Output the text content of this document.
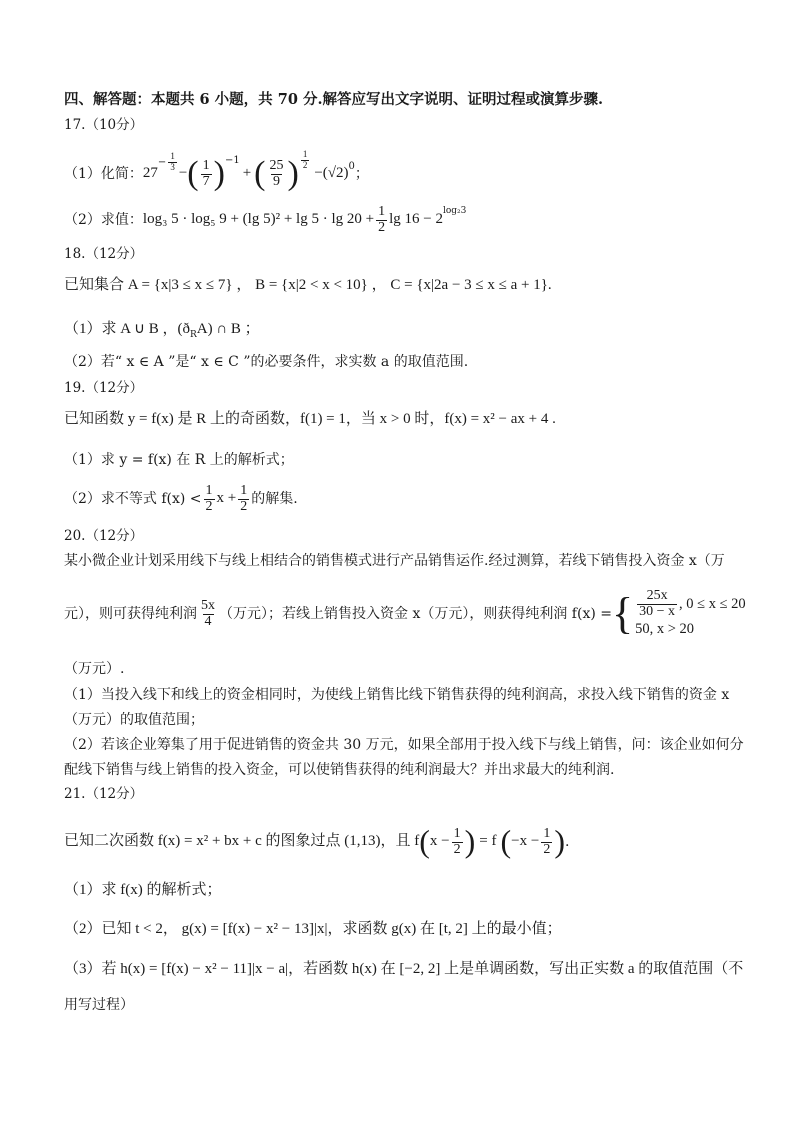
四、解答题：本题共 6 小题，共 70 分.解答应写出文字说明、证明过程或演算步骤.
17.（10分）
（1）化简： 27
− $\frac{1}{3}$
− ( $\frac{1}{7}$ ) −1
+ ( $\frac{25}{9}$ ) $\frac{1}{2}$
−(√2) 0 ；
（2）求值： log₃ 5 · log₅ 9 + (lg $5)^2 + \lg 5 \cdot \lg 20 + \frac{1}{2}$ lg 16 − 2
log₂3
18.（12分）
已知集合 A = {x|3 ≤ x ≤ 7} ， B = {x|2 < x < 10} ， C = {x|2a − 3 ≤ x ≤ a + 1}.
（1）求 A ∪ B ，$(ð_RA)$ ∩ B ；
（2）若“ x ∈ A ”是“ x ∈ C ”的必要条件，求实数 a 的取值范围.
19.（12分）
已知函数 y = f(x) 是 R 上的奇函数，f(1) = 1，当 x > 0 时，f(x) = x² − ax + 4 .
（1）求 y = f(x) 在 R 上的解析式；
（2）求不等式 $f(x) < \frac{1}{2}$ $x + \frac{1}{2}$ 的解集.
20.（12分）
某小微企业计划采用线下与线上相结合的销售模式进行产品销售运作.经过测算，若线下销售投入资金 x（万
元），则可获得纯利润 $\frac{5x}{4}$ （万元）；若线上销售投入资金 x（万元），则获得纯利润 f(x) = { $\frac{25x}{30 - x}$ , 0 ≤ x ≤ 20
50, x > 20
（万元）.
（1）当投入线下和线上的资金相同时，为使线上销售比线下销售获得的纯利润高，求投入线下销售的资金 x
（万元）的取值范围；
（2）若该企业筹集了用于促进销售的资金共 30 万元，如果全部用于投入线下与线上销售，问：该企业如何分
配线下销售与线上销售的投入资金，可以使销售获得的纯利润最大？并出求最大的纯利润.
21.（12分）
已知二次函数 f(x) = x² + bx + c 的图象过点 (1,13)，且 f ( $x - \frac{1}{2}$ ) = f ( $-x - \frac{1}{2}$ ) .
（1）求 f(x) 的解析式；
（2）已知 t < 2， g(x) = [f(x) − x² − 13]|x|，求函数 g(x) 在 [t, 2] 上的最小值；
（3）若 h(x) = [f(x) − x² − 11]|x − a|，若函数 h(x) 在 [−2, 2] 上是单调函数，写出正实数 a 的取值范围（不
用写过程）
